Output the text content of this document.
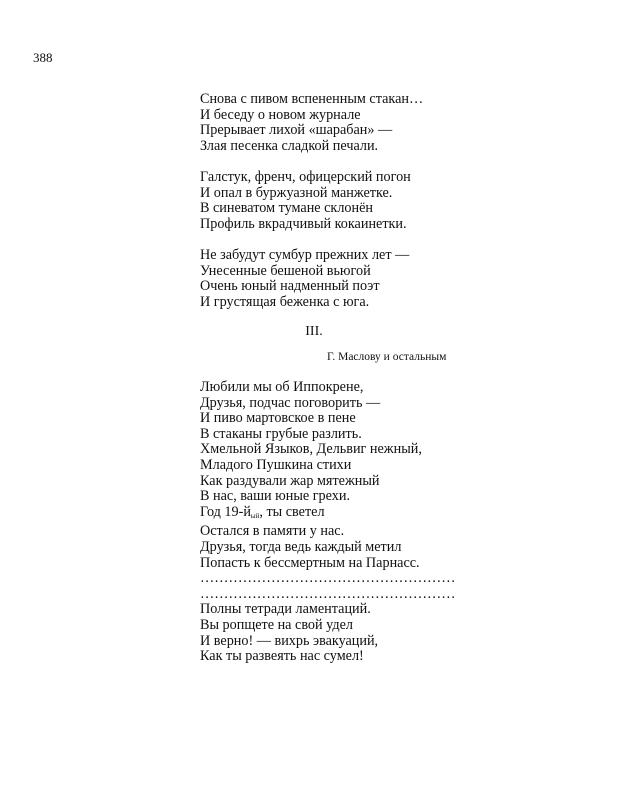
388
Снова с пивом вспененным стакан…
И беседу о новом журнале
Прерывает лихой «шарабан» —
Злая песенка сладкой печали.
Галстук, френч, офицерский погон
И опал в буржуазной манжетке.
В синеватом тумане склонён
Профиль вкрадчивый кокаинетки.
Не забудут сумбур прежних лет —
Унесенные бешеной вьюгой
Очень юный надменный поэт
И грустящая беженка с юга.
III.
Г. Маслову и остальным
Любили мы об Иппокрене,
Друзья, подчас поговорить —
И пиво мартовское в пене
В стаканы грубые разлить.
Хмельной Языков, Дельвиг нежный,
Младого Пушкина стихи
Как раздували жар мятежный
В нас, ваши юные грехи.
Год $19-й_{ый}$, ты светел
Остался в памяти у нас.
Друзья, тогда ведь каждый метил
Попасть к бессмертным на Парнасс.
………………………………………………
………………………………………………
Полны тетради ламентаций.
Вы ропщете на свой удел
И верно! — вихрь эвакуаций,
Как ты развеять нас сумел!
